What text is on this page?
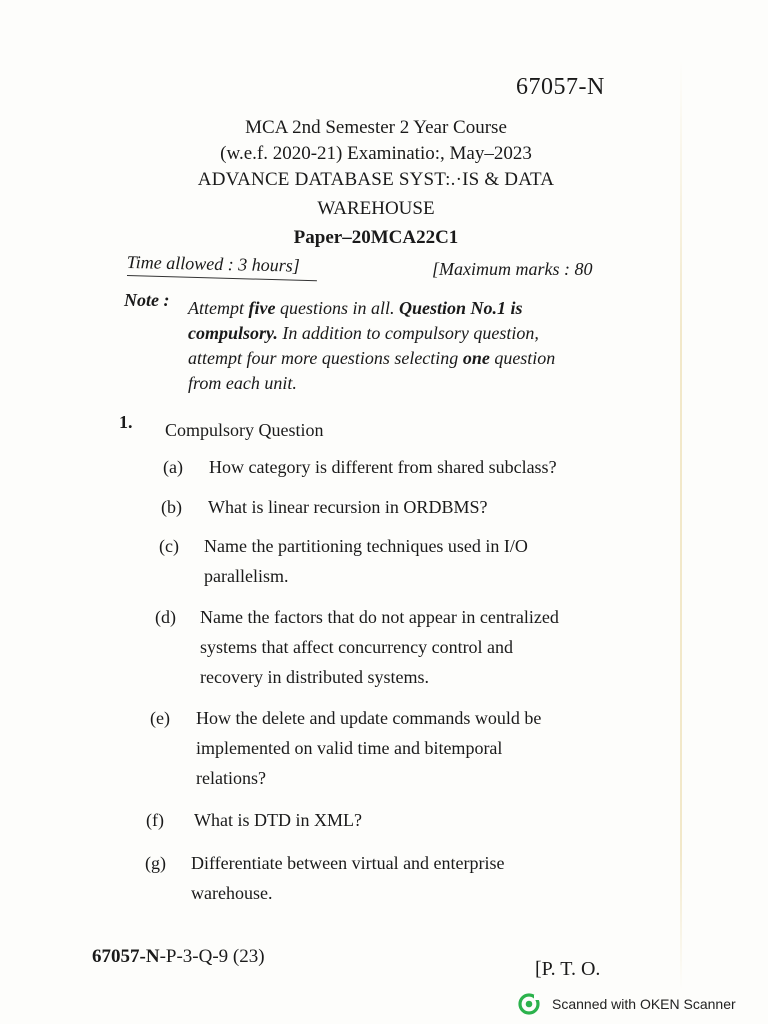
67057-N
MCA 2nd Semester 2 Year Course
(w.e.f. 2020-21) Examinatio:, May–2023
ADVANCE DATABASE SYST:.·IS & DATA
WAREHOUSE
Paper–20MCA22C1
Time allowed : 3 hours]	[Maximum marks : 80
Note : Attempt five questions in all. Question No.1 is
compulsory. In addition to compulsory question,
attempt four more questions selecting one question
from each unit.
1. Compulsory Question
(a) How category is different from shared subclass?
(b) What is linear recursion in ORDBMS?
(c) Name the partitioning techniques used in I/O
parallelism.
(d) Name the factors that do not appear in centralized
systems that affect concurrency control and
recovery in distributed systems.
(e) How the delete and update commands would be
implemented on valid time and bitemporal
relations?
(f) What is DTD in XML?
(g) Differentiate between virtual and enterprise
warehouse.
67057-N-P-3-Q-9 (23)
[P. T. O.
Scanned with OKEN Scanner
